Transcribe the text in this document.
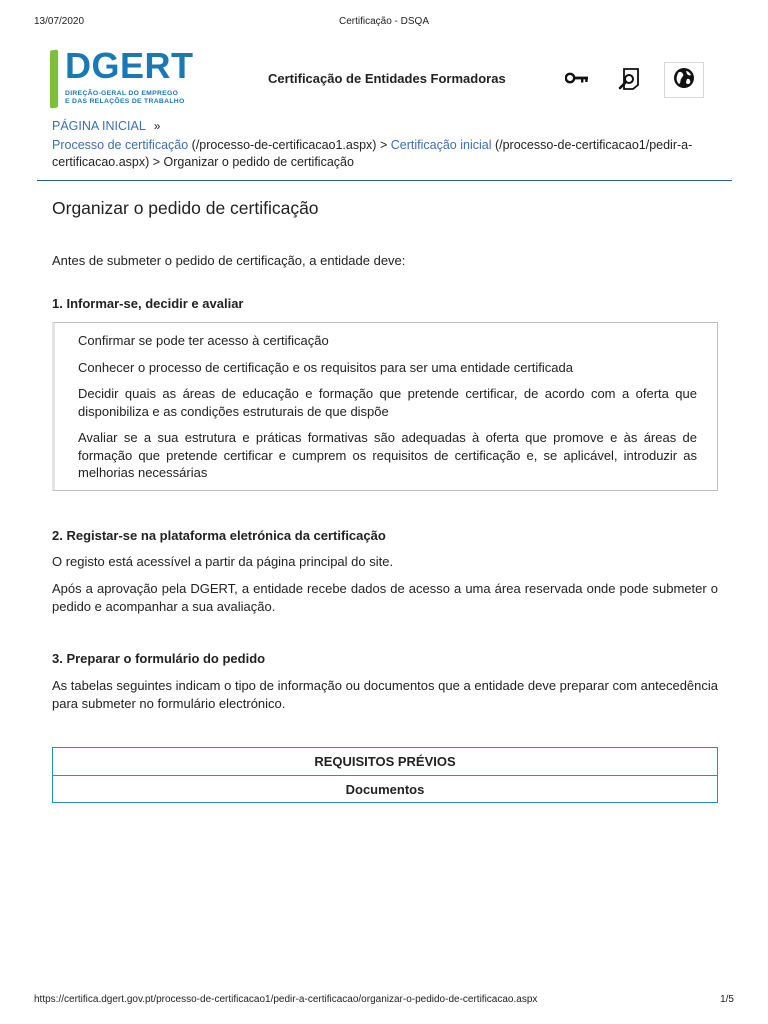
13/07/2020	Certificação - DSQA
DGERT
DIREÇÃO-GERAL DO EMPREGO
E DAS RELAÇÕES DE TRABALHO
Certificação de Entidades Formadoras
PÁGINA INICIAL »
Processo de certificação (/processo-de-certificacao1.aspx) > Certificação inicial (/processo-de-certificacao1/pedir-a-certificacao.aspx) > Organizar o pedido de certificação
Organizar o pedido de certificação

Antes de submeter o pedido de certificação, a entidade deve:

1. Informar-se, decidir e avaliar

Confirmar se pode ter acesso à certificação

Conhecer o processo de certificação e os requisitos para ser uma entidade certificada

Decidir quais as áreas de educação e formação que pretende certificar, de acordo com a oferta que disponibiliza e as condições estruturais de que dispõe

Avaliar se a sua estrutura e práticas formativas são adequadas à oferta que promove e às áreas de formação que pretende certificar e cumprem os requisitos de certificação e, se aplicável, introduzir as melhorias necessárias

2. Registar-se na plataforma eletrónica da certificação

O registo está acessível a partir da página principal do site.

Após a aprovação pela DGERT, a entidade recebe dados de acesso a uma área reservada onde pode submeter o pedido e acompanhar a sua avaliação.

3. Preparar o formulário do pedido

As tabelas seguintes indicam o tipo de informação ou documentos que a entidade deve preparar com antecedência para submeter no formulário electrónico.

REQUISITOS PRÉVIOS
Documentos
https://certifica.dgert.gov.pt/processo-de-certificacao1/pedir-a-certificacao/organizar-o-pedido-de-certificacao.aspx	1/5
